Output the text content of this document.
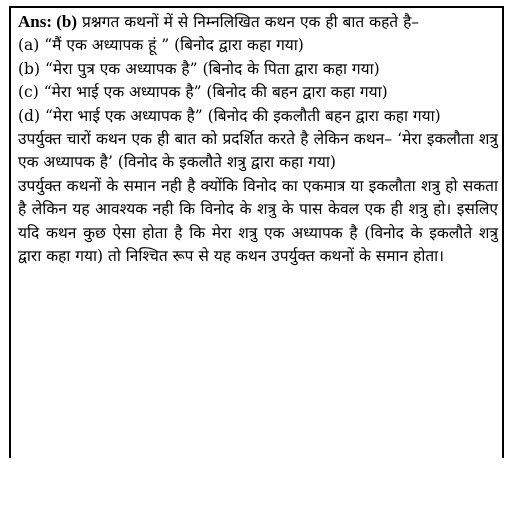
Ans: (b) प्रश्नगत कथनों में से निम्नलिखित कथन एक ही बात कहते है–

(a) “मैं एक अध्यापक हूं ” (बिनोद द्वारा कहा गया)

(b) “मेरा पुत्र एक अध्यापक है” (बिनोद के पिता द्वारा कहा गया)

(c) “मेरा भाई एक अध्यापक है” (बिनोद की बहन द्वारा कहा गया)

(d) “मेरा भाई एक अध्यापक है” (बिनोद की इकलौती बहन द्वारा कहा गया)

उपर्युक्त चारों कथन एक ही बात को प्रदर्शित करते है लेकिन कथन– ‘मेरा इकलौता शत्रु एक अध्यापक है’ (विनोद के इकलौते शत्रु द्वारा कहा गया)

उपर्युक्त कथनों के समान नही है क्योंकि विनोद का एकमात्र या इकलौता शत्रु हो सकता है लेकिन यह आवश्यक नही कि विनोद के शत्रु के पास केवल एक ही शत्रु हो। इसलिए यदि कथन कुछ ऐसा होता है कि मेरा शत्रु एक अध्यापक है (विनोद के इकलौते शत्रु द्वारा कहा गया) तो निश्चित रूप से यह कथन उपर्युक्त कथनों के समान होता।
